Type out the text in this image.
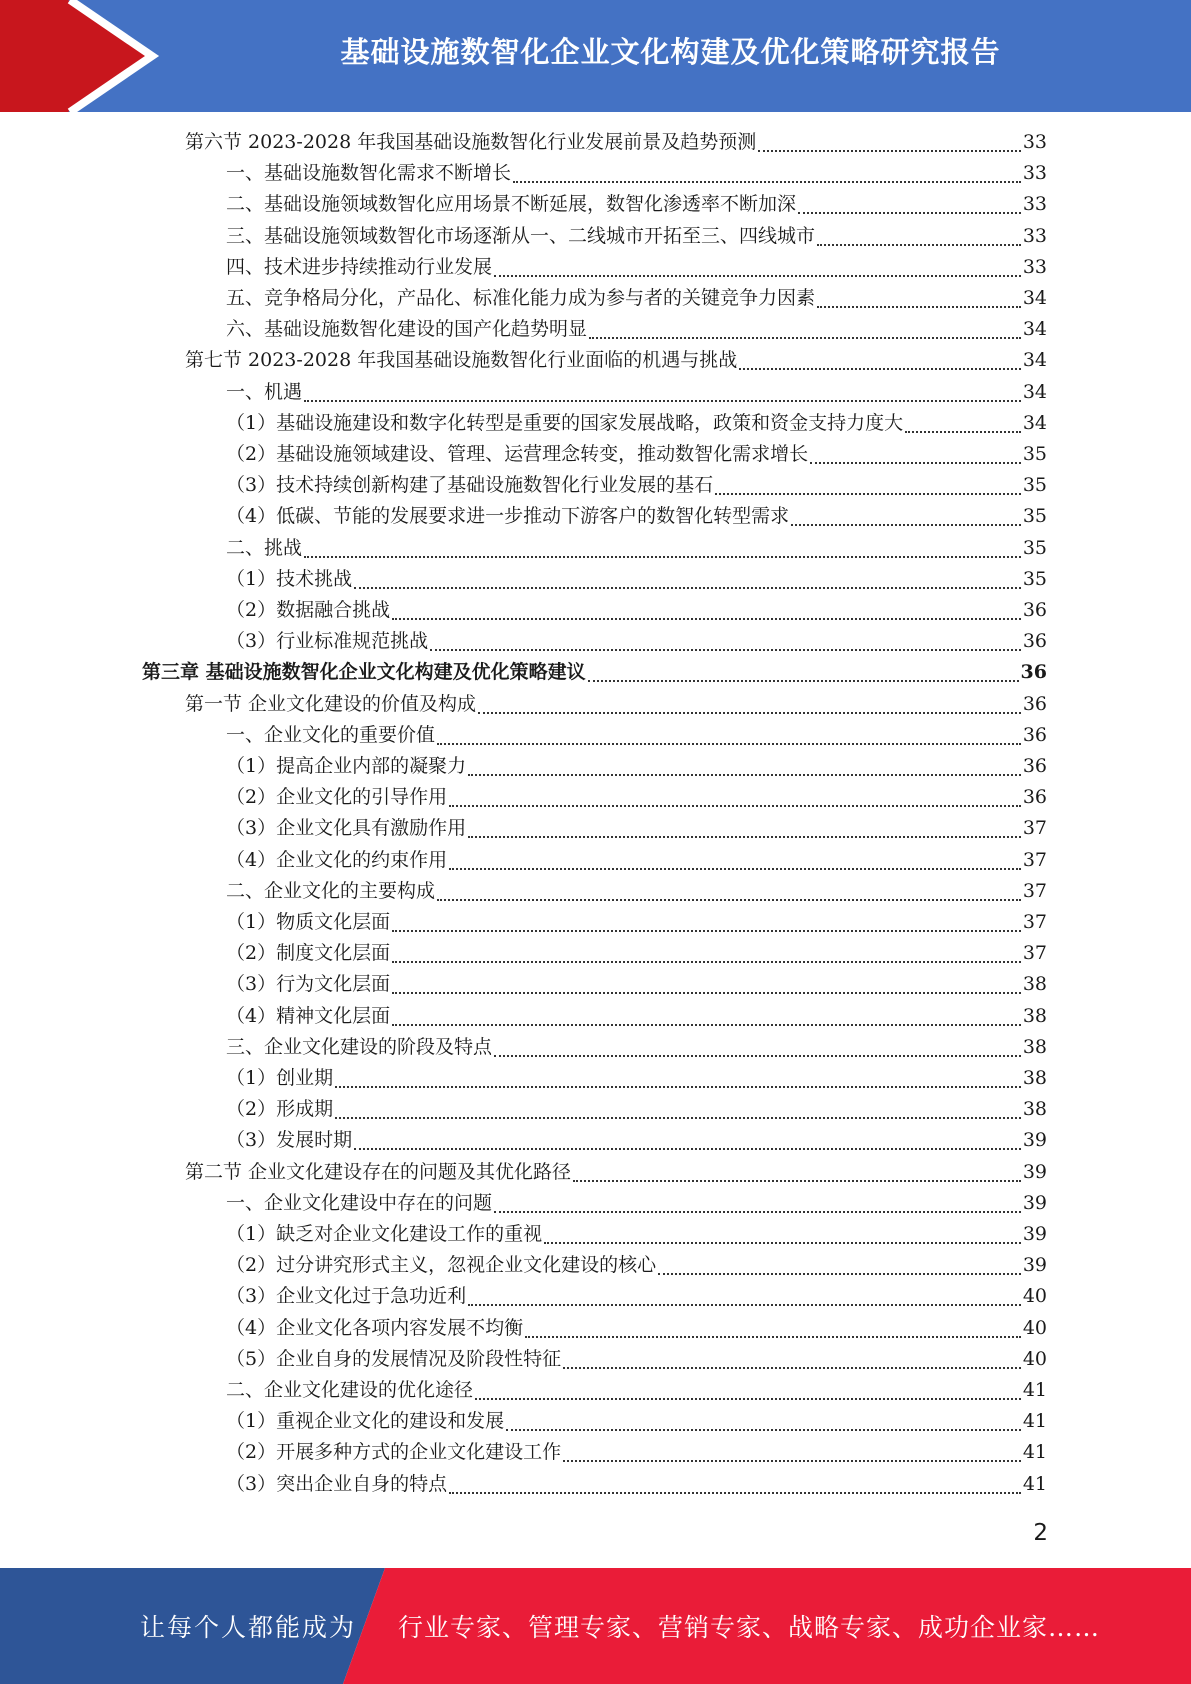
基础设施数智化企业文化构建及优化策略研究报告
第六节 2023-2028 年我国基础设施数智化行业发展前景及趋势预测	33
一、基础设施数智化需求不断增长	33
二、基础设施领域数智化应用场景不断延展，数智化渗透率不断加深	33
三、基础设施领域数智化市场逐渐从一、二线城市开拓至三、四线城市	33
四、技术进步持续推动行业发展	33
五、竞争格局分化，产品化、标准化能力成为参与者的关键竞争力因素	34
六、基础设施数智化建设的国产化趋势明显	34
第七节 2023-2028 年我国基础设施数智化行业面临的机遇与挑战	34
一、机遇	34
（1）基础设施建设和数字化转型是重要的国家发展战略，政策和资金支持力度大	34
（2）基础设施领域建设、管理、运营理念转变，推动数智化需求增长	35
（3）技术持续创新构建了基础设施数智化行业发展的基石	35
（4）低碳、节能的发展要求进一步推动下游客户的数智化转型需求	35
二、挑战	35
（1）技术挑战	35
（2）数据融合挑战	36
（3）行业标准规范挑战	36
第三章 基础设施数智化企业文化构建及优化策略建议	36
第一节 企业文化建设的价值及构成	36
一、企业文化的重要价值	36
（1）提高企业内部的凝聚力	36
（2）企业文化的引导作用	36
（3）企业文化具有激励作用	37
（4）企业文化的约束作用	37
二、企业文化的主要构成	37
（1）物质文化层面	37
（2）制度文化层面	37
（3）行为文化层面	38
（4）精神文化层面	38
三、企业文化建设的阶段及特点	38
（1）创业期	38
（2）形成期	38
（3）发展时期	39
第二节 企业文化建设存在的问题及其优化路径	39
一、企业文化建设中存在的问题	39
（1）缺乏对企业文化建设工作的重视	39
（2）过分讲究形式主义，忽视企业文化建设的核心	39
（3）企业文化过于急功近利	40
（4）企业文化各项内容发展不均衡	40
（5）企业自身的发展情况及阶段性特征	40
二、企业文化建设的优化途径	41
（1）重视企业文化的建设和发展	41
（2）开展多种方式的企业文化建设工作	41
（3）突出企业自身的特点	41
2
让每个人都能成为 行业专家、管理专家、营销专家、战略专家、成功企业家……
